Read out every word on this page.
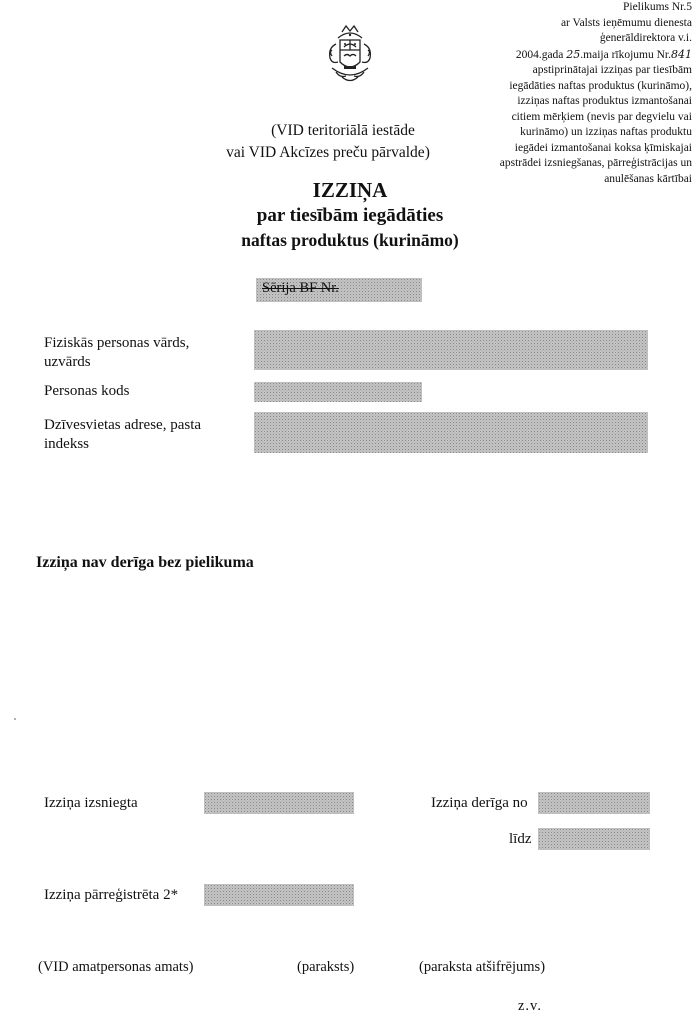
Pielikums Nr.5
ar Valsts ieņēmumu dienesta
ģenerāldirektora v.i.
2004.gada 25.maija rīkojumu Nr.841
apstiprinātajai izziņas par tiesībām
iegādāties naftas produktus (kurināmo),
izziņas naftas produktus izmantošanai
citiem mērķiem (nevis par degvielu vai
kurināmo) un izziņas naftas produktu
iegādei izmantošanai koksa ķīmiskajai
apstrādei izsniegšanas, pārreģistrācijas un
anulēšanas kārtībai
(VID teritoriālā iestāde
vai VID Akcīzes preču pārvalde)
IZZIŅA
par tiesībām iegādāties
naftas produktus (kurināmo)
Sērija BF Nr.
Fiziskās personas vārds, uzvārds
Personas kods
Dzīvesvietas adrese, pasta indekss
Izziņa nav derīga bez pielikuma
Izziņa izsniegta	Izziņa derīga no
līdz
Izziņa pārreģistrēta 2*
(VID amatpersonas amats)	(paraksts)	(paraksta atšifrējums)
z.v.
